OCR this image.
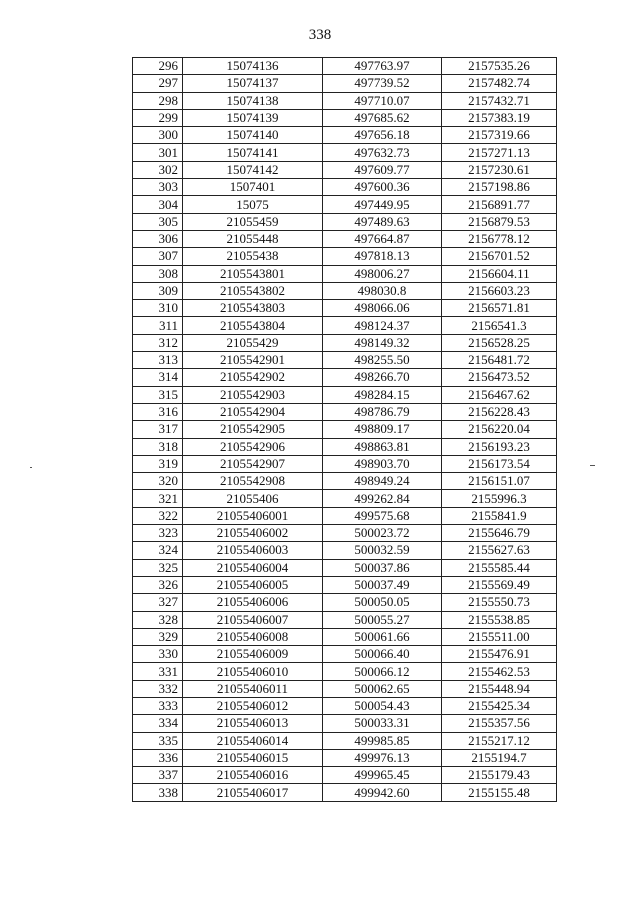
338
296	15074136	497763.97	2157535.26
297	15074137	497739.52	2157482.74
298	15074138	497710.07	2157432.71
299	15074139	497685.62	2157383.19
300	15074140	497656.18	2157319.66
301	15074141	497632.73	2157271.13
302	15074142	497609.77	2157230.61
303	1507401	497600.36	2157198.86
304	15075	497449.95	2156891.77
305	21055459	497489.63	2156879.53
306	21055448	497664.87	2156778.12
307	21055438	497818.13	2156701.52
308	2105543801	498006.27	2156604.11
309	2105543802	498030.8	2156603.23
310	2105543803	498066.06	2156571.81
311	2105543804	498124.37	2156541.3
312	21055429	498149.32	2156528.25
313	2105542901	498255.50	2156481.72
314	2105542902	498266.70	2156473.52
315	2105542903	498284.15	2156467.62
316	2105542904	498786.79	2156228.43
317	2105542905	498809.17	2156220.04
318	2105542906	498863.81	2156193.23
319	2105542907	498903.70	2156173.54
320	2105542908	498949.24	2156151.07
321	21055406	499262.84	2155996.3
322	21055406001	499575.68	2155841.9
323	21055406002	500023.72	2155646.79
324	21055406003	500032.59	2155627.63
325	21055406004	500037.86	2155585.44
326	21055406005	500037.49	2155569.49
327	21055406006	500050.05	2155550.73
328	21055406007	500055.27	2155538.85
329	21055406008	500061.66	2155511.00
330	21055406009	500066.40	2155476.91
331	21055406010	500066.12	2155462.53
332	21055406011	500062.65	2155448.94
333	21055406012	500054.43	2155425.34
334	21055406013	500033.31	2155357.56
335	21055406014	499985.85	2155217.12
336	21055406015	499976.13	2155194.7
337	21055406016	499965.45	2155179.43
338	21055406017	499942.60	2155155.48
